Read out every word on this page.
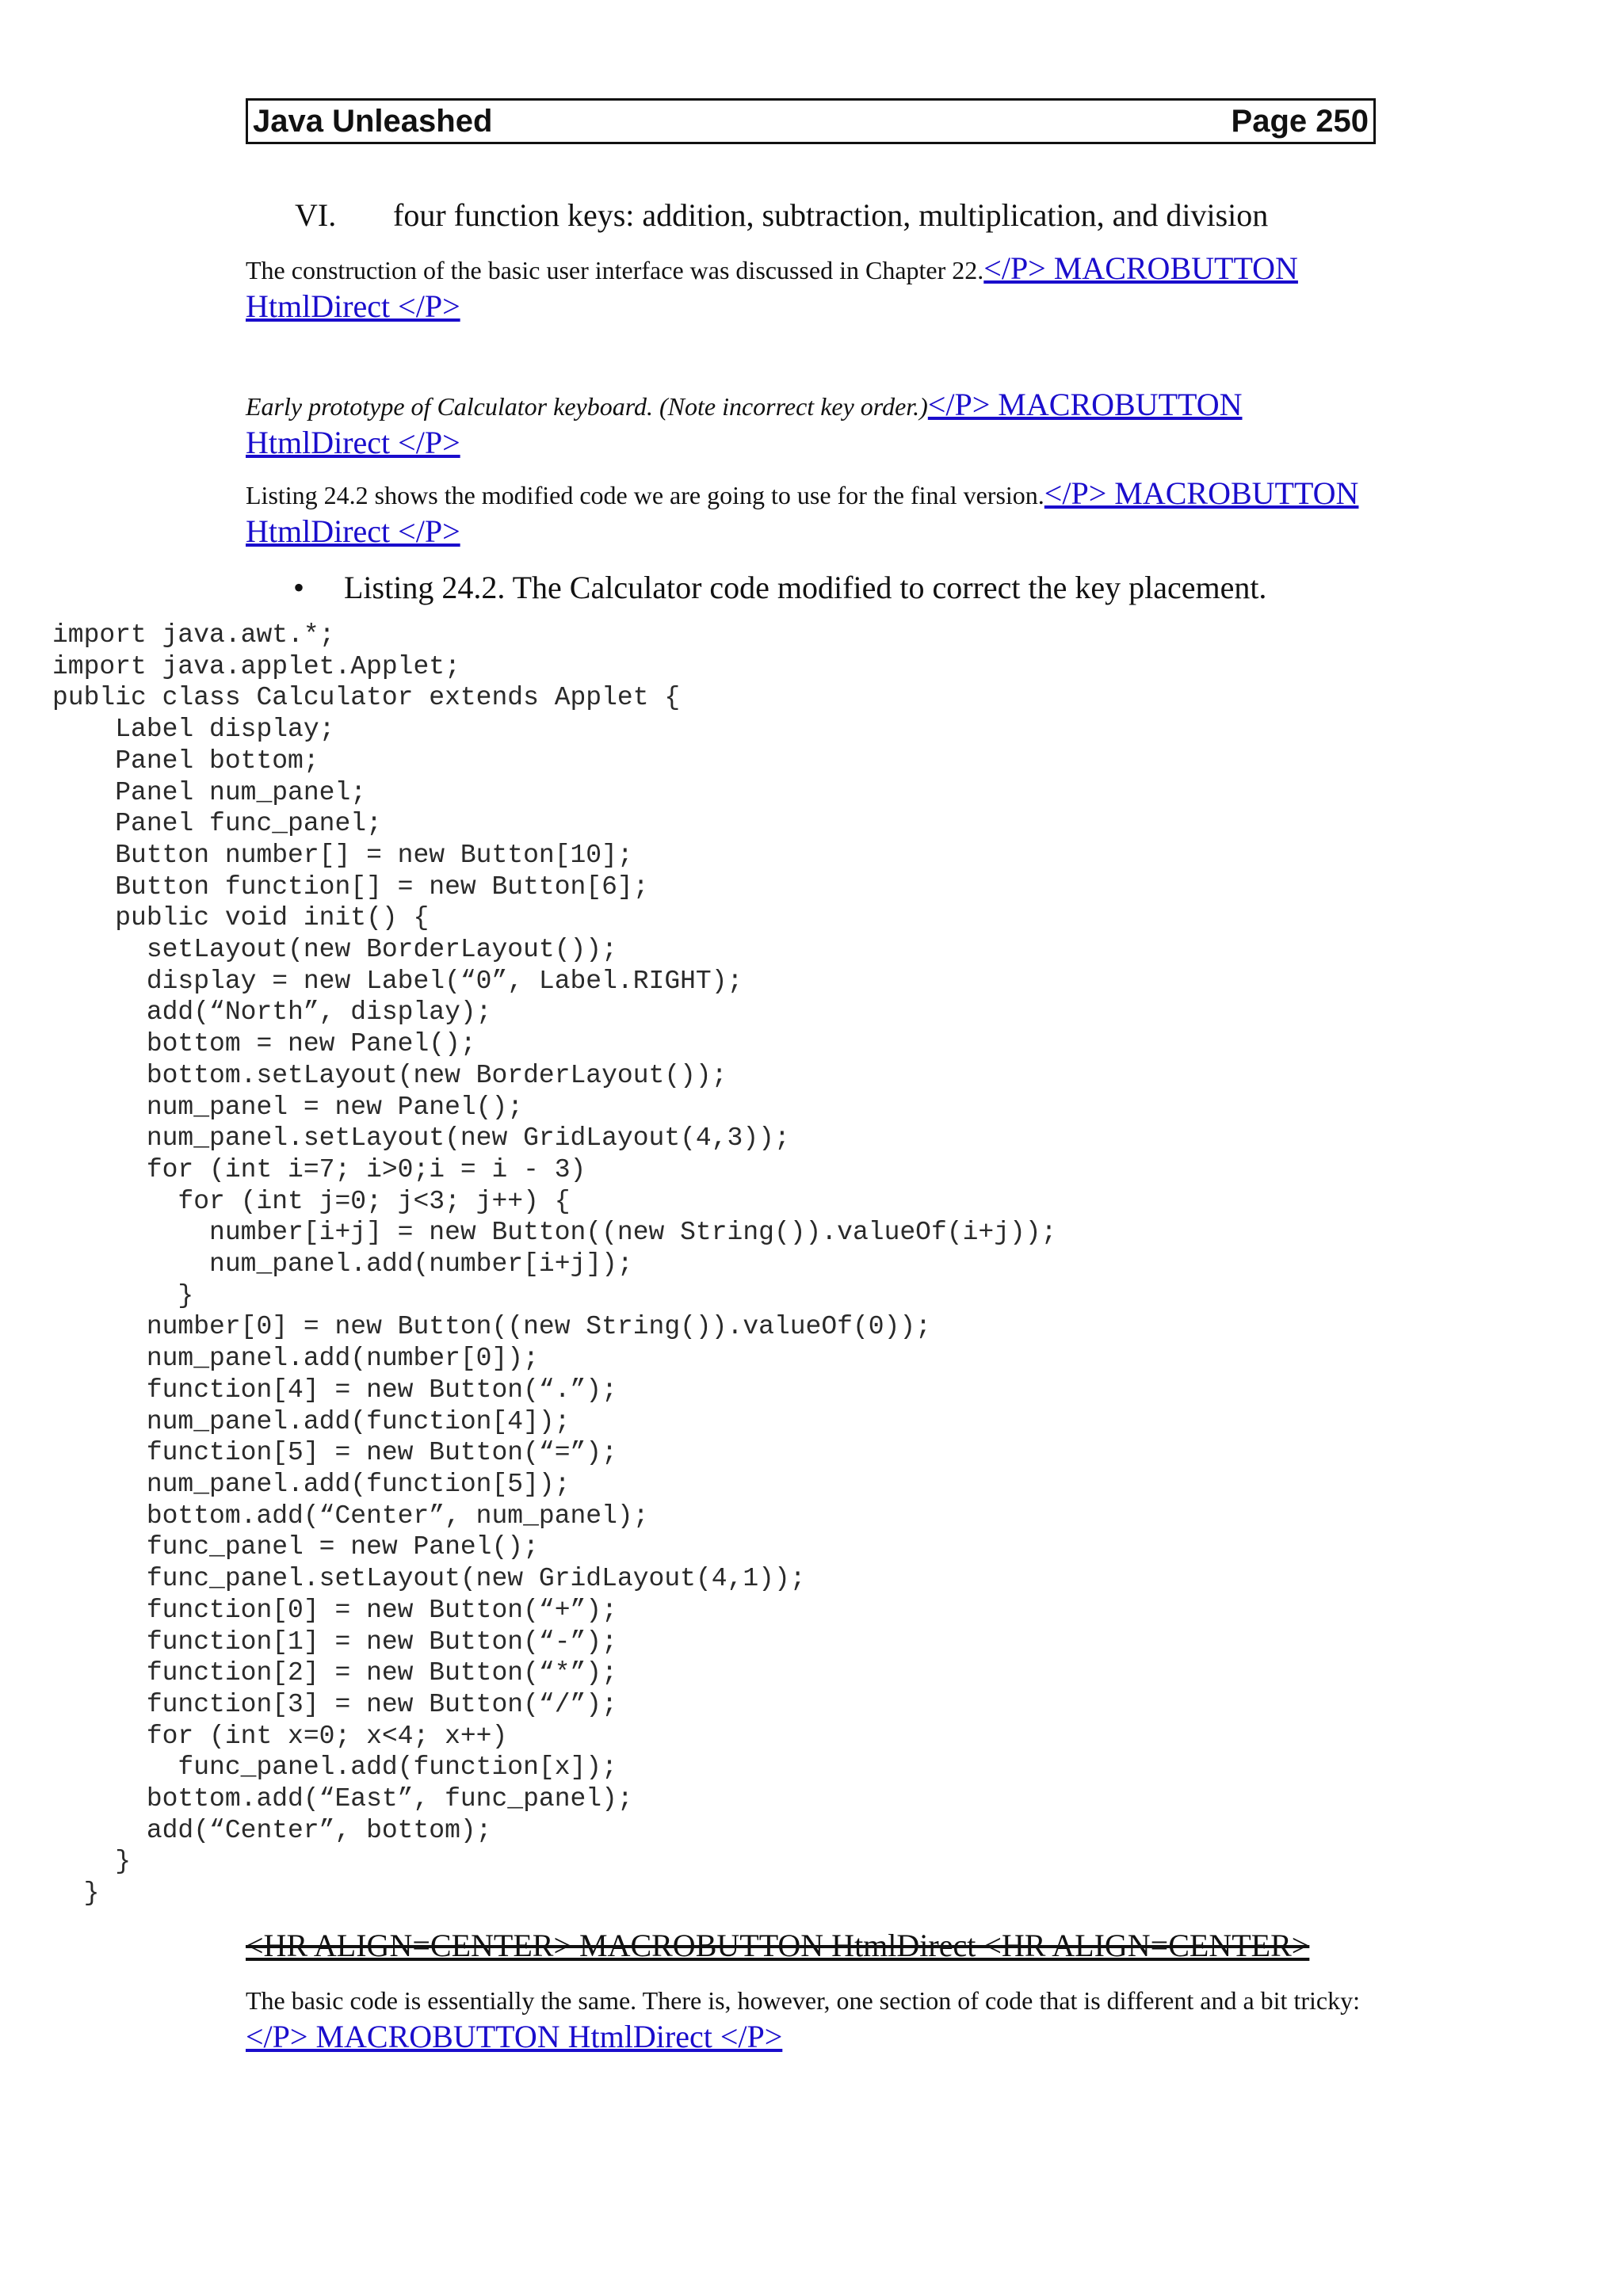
Java Unleashed	Page 250
VI. four function keys: addition, subtraction, multiplication, and division
The construction of the basic user interface was discussed in Chapter 22.</P> MACROBUTTON HtmlDirect </P>
Early prototype of Calculator keyboard. (Note incorrect key order.)</P> MACROBUTTON HtmlDirect </P>
Listing 24.2 shows the modified code we are going to use for the final version.</P> MACROBUTTON HtmlDirect </P>
• Listing 24.2. The Calculator code modified to correct the key placement.
import java.awt.*;
import java.applet.Applet;
public class Calculator extends Applet {
Label display;
Panel bottom;
Panel num_panel;
Panel func_panel;
Button number[] = new Button[10];
Button function[] = new Button[6];
public void init() {
setLayout(new BorderLayout());
display = new Label(“0”, Label.RIGHT);
add(“North”, display);
bottom = new Panel();
bottom.setLayout(new BorderLayout());
num_panel = new Panel();
num_panel.setLayout(new GridLayout(4,3));
for (int i=7; i>0;i = i - 3)
for (int j=0; j<3; j++) {
number[i+j] = new Button((new String()).valueOf(i+j));
num_panel.add(number[i+j]);
}
number[0] = new Button((new String()).valueOf(0));
num_panel.add(number[0]);
function[4] = new Button(“.”);
num_panel.add(function[4]);
function[5] = new Button(“=”);
num_panel.add(function[5]);
bottom.add(“Center”, num_panel);
func_panel = new Panel();
func_panel.setLayout(new GridLayout(4,1));
function[0] = new Button(“+”);
function[1] = new Button(“-”);
function[2] = new Button(“*”);
function[3] = new Button(“/”);
for (int x=0; x<4; x++)
func_panel.add(function[x]);
bottom.add(“East”, func_panel);
add(“Center”, bottom);
}
}
<HR ALIGN=CENTER> MACROBUTTON HtmlDirect <HR ALIGN=CENTER>
The basic code is essentially the same. There is, however, one section of code that is different and a bit tricky:</P> MACROBUTTON HtmlDirect </P>
